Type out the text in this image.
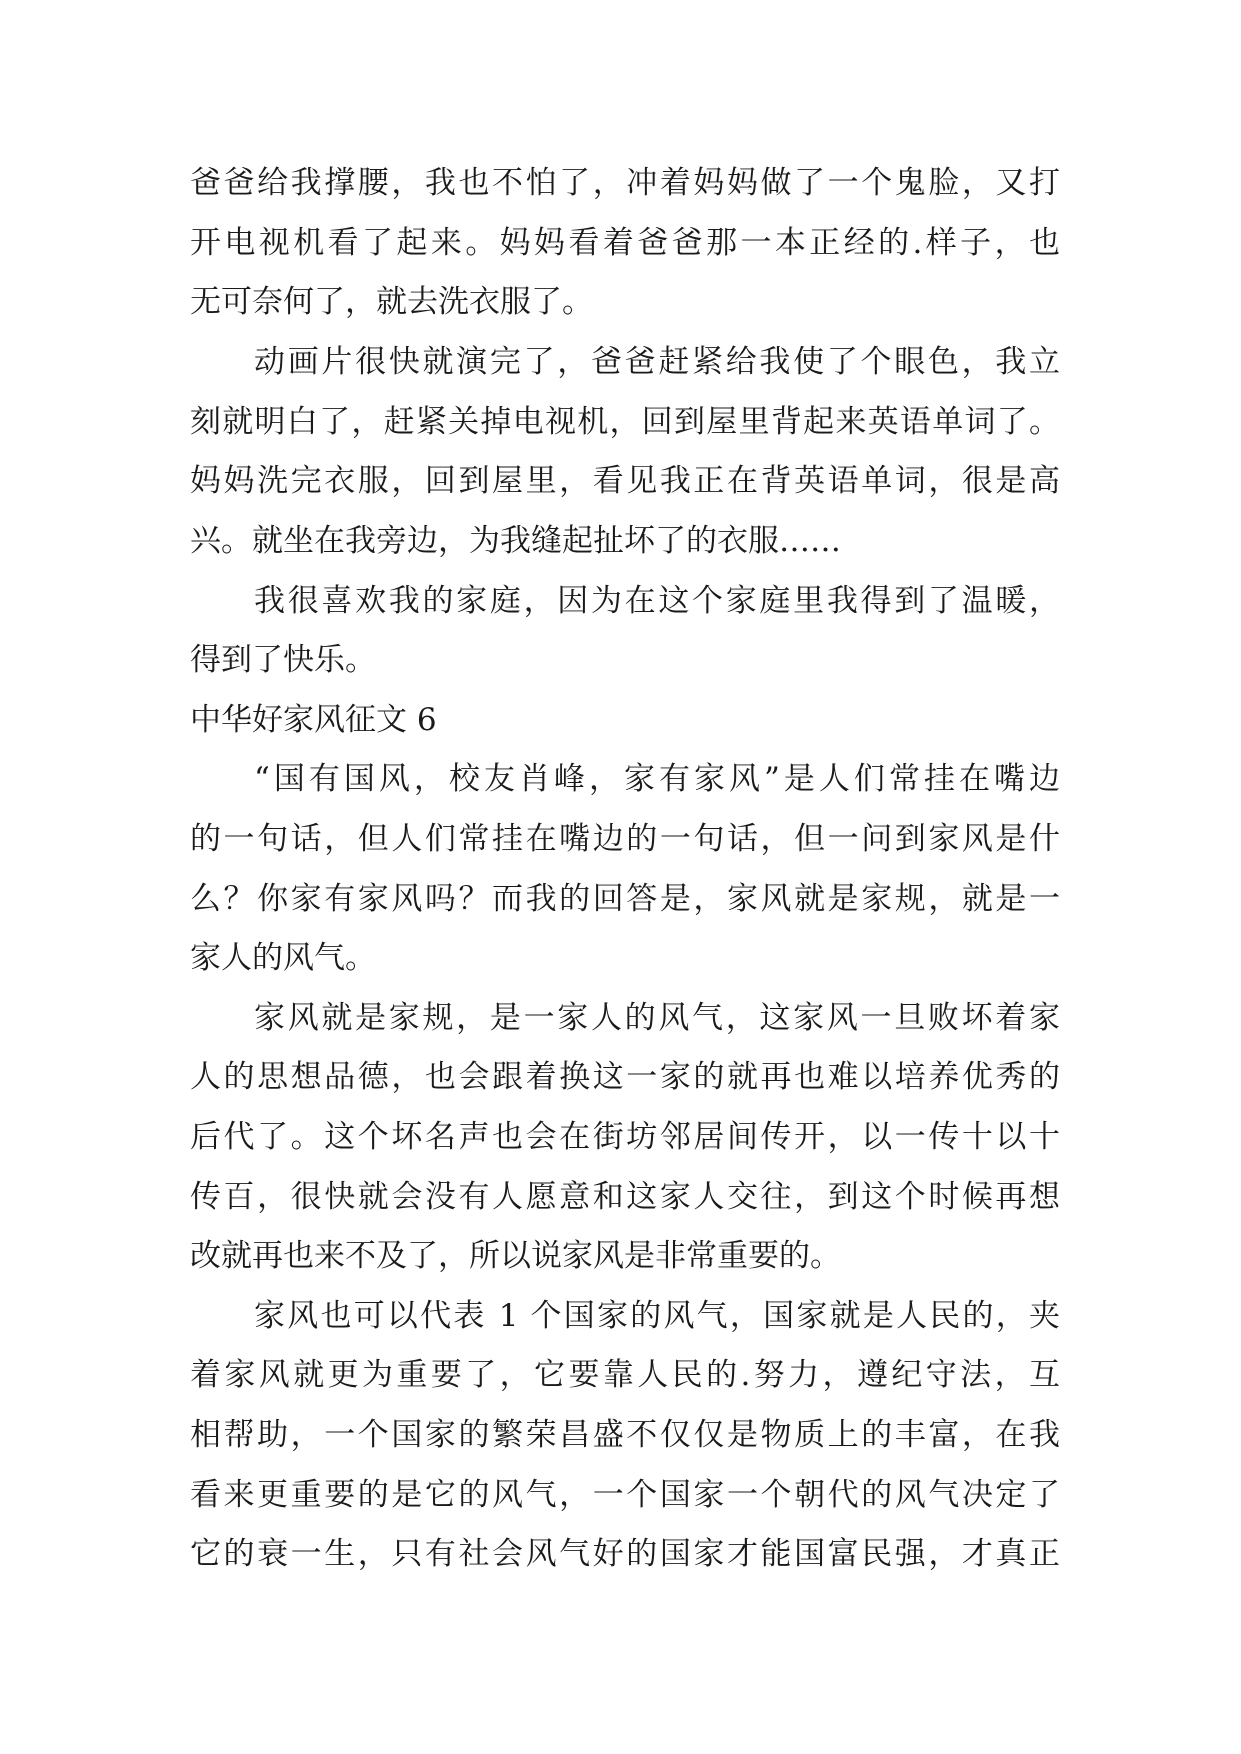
爸爸给我撑腰，我也不怕了，冲着妈妈做了一个鬼脸，又打
开电视机看了起来。妈妈看着爸爸那一本正经的.样子，也
无可奈何了，就去洗衣服了。
动画片很快就演完了，爸爸赶紧给我使了个眼色，我立
刻就明白了，赶紧关掉电视机，回到屋里背起来英语单词了。
妈妈洗完衣服，回到屋里，看见我正在背英语单词，很是高
兴。就坐在我旁边，为我缝起扯坏了的衣服……
我很喜欢我的家庭，因为在这个家庭里我得到了温暖，
得到了快乐。
中华好家风征文 6
“国有国风，校友肖峰，家有家风”是人们常挂在嘴边
的一句话，但人们常挂在嘴边的一句话，但一问到家风是什
么？你家有家风吗？而我的回答是，家风就是家规，就是一
家人的风气。
家风就是家规，是一家人的风气，这家风一旦败坏着家
人的思想品德，也会跟着换这一家的就再也难以培养优秀的
后代了。这个坏名声也会在街坊邻居间传开，以一传十以十
传百，很快就会没有人愿意和这家人交往，到这个时候再想
改就再也来不及了，所以说家风是非常重要的。
家风也可以代表 1 个国家的风气，国家就是人民的，夹
着家风就更为重要了，它要靠人民的.努力，遵纪守法，互
相帮助，一个国家的繁荣昌盛不仅仅是物质上的丰富，在我
看来更重要的是它的风气，一个国家一个朝代的风气决定了
它的衰一生，只有社会风气好的国家才能国富民强，才真正
